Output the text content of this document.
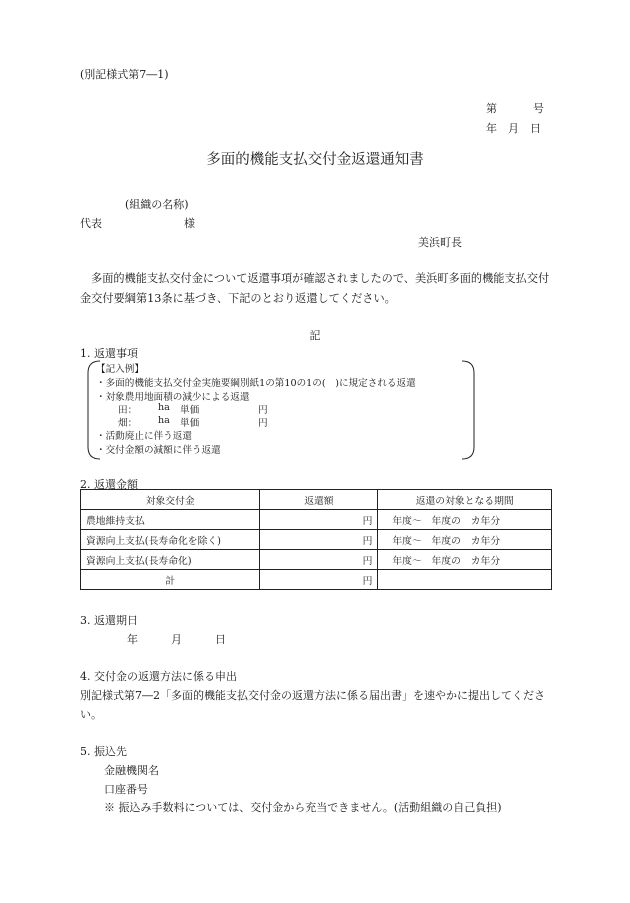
(別記様式第7―1)
第	号
年 月 日
多面的機能支払交付金返還通知書
(組織の名称)
代表	様
美浜町長
多面的機能支払交付金について返還事項が確認されましたので、美浜町多面的機能支払交付金交付要綱第13条に基づき、下記のとおり返還してください。
記
1. 返還事項
【記入例】
・多面的機能支払交付金実施要綱別紙1の第10の1の(　)に規定される返還
・対象農用地面積の減少による返還
田： ha 単価	円
畑： ha 単価	円
・活動廃止に伴う返還
・交付金額の減額に伴う返還
2. 返還金額
対象交付金	返還額	返還の対象となる期間
農地維持支払	円	年度～　年度の　カ年分
資源向上支払(長寿命化を除く)	円	年度～　年度の　カ年分
資源向上支払(長寿命化)	円	年度～　年度の　カ年分
計	円	
3. 返還期日
年	月	日
4. 交付金の返還方法に係る申出
別記様式第7―2「多面的機能支払交付金の返還方法に係る届出書」を速やかに提出してください。
5. 振込先
金融機関名
口座番号
※ 振込み手数料については、交付金から充当できません。(活動組織の自己負担)
